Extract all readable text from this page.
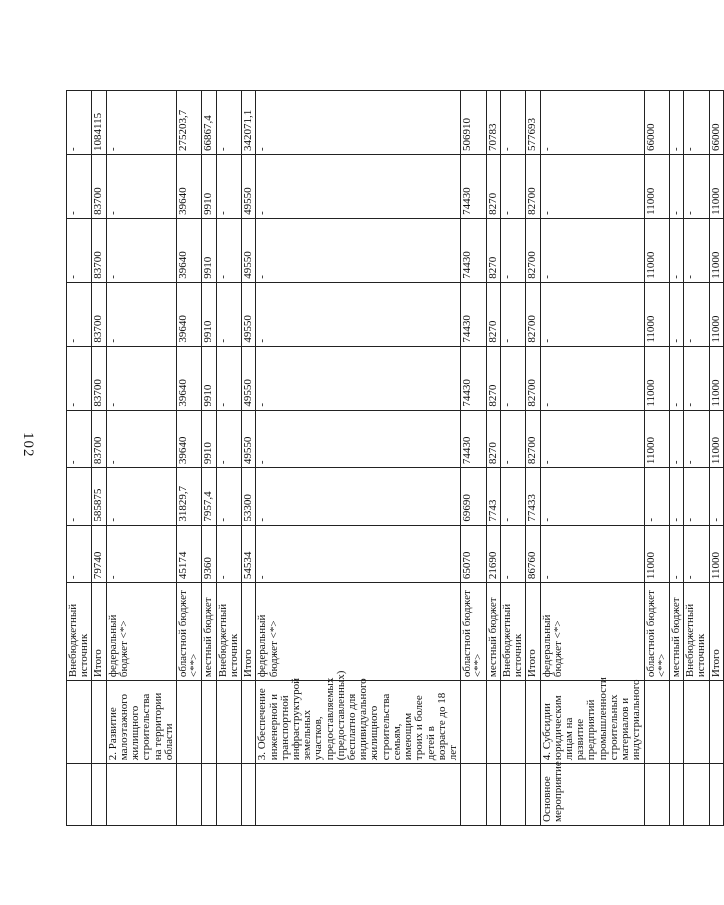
102
		Внебюджетный источник	-	-	-	-	-	-	-	-
		Итого	79740	585875	83700	83700	83700	83700	83700	1084115
	2. Развитие малоэтажного жилищного строительства на территории области	федеральный бюджет <*>	-	-	-	-	-	-	-	-
		областной бюджет <**>	45174	31829,7	39640	39640	39640	39640	39640	275203,7
		местный бюджет	9360	7957,4	9910	9910	9910	9910	9910	66867,4
		Внебюджетный источник	-	-	-	-	-	-	-	-
		Итого	54534	53300	49550	49550	49550	49550	49550	342071,1
	3. Обеспечение инженерной и транспортной инфраструктурой земельных участков, предоставляемых (предоставленных) бесплатно для индивидуального жилищного строительства семьям, имеющим троих и более детей в возрасте до 18 лет	федеральный бюджет <*>	-	-	-	-	-	-	-	-
		областной бюджет <**>	65070	69690	74430	74430	74430	74430	74430	506910
		местный бюджет	21690	7743	8270	8270	8270	8270	8270	70783
		Внебюджетный источник	-	-	-	-	-	-	-	-
		Итого	86760	77433	82700	82700	82700	82700	82700	577693
Основное мероприятие	4. Субсидии юридическим лицам на развитие предприятий промышленности строительных материалов и индустриального	федеральный бюджет <*>	-	-	-	-	-	-	-	-
		областной бюджет <**>	11000	-	11000	11000	11000	11000	11000	66000
		местный бюджет	-	-	-	-	-	-	-	-
		Внебюджетный источник	-	-	-	-	-	-	-	-
		Итого	11000	-	11000	11000	11000	11000	11000	66000
